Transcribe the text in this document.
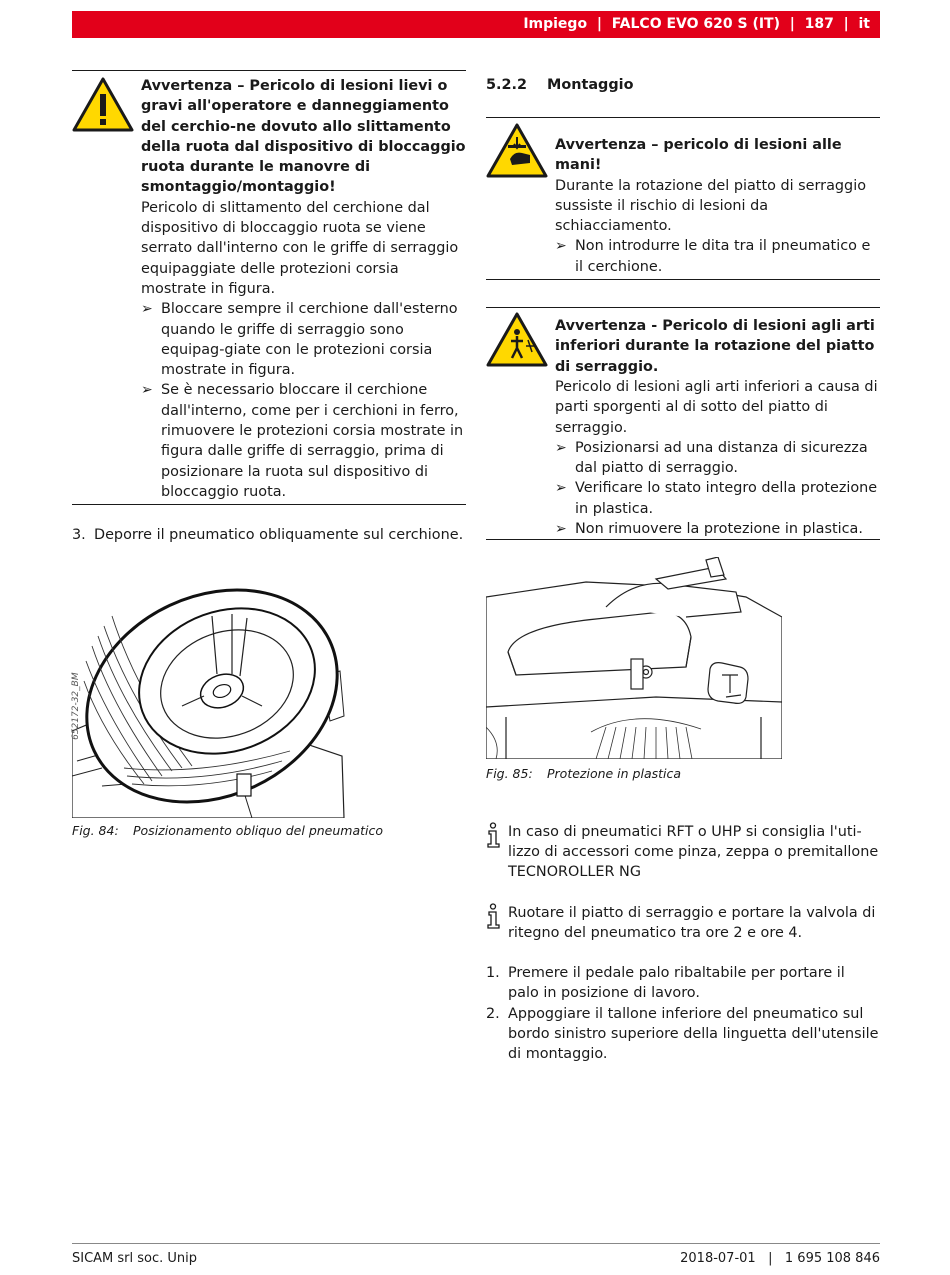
Impiego
|
FALCO EVO 620 S (IT)
|
187
|
it
Avvertenza – Pericolo di lesioni lievi o gravi all'operatore e danneggiamento del cerchio-ne dovuto allo slittamento della ruota dal dispositivo di bloccaggio ruota durante le manovre di smontaggio/montaggio!
Pericolo di slittamento del cerchione dal dispositivo di bloccaggio ruota se viene serrato dall'interno con le griffe di serraggio equipaggiate delle protezioni corsia mostrate in figura.
➢ Bloccare sempre il cerchione dall'esterno quando le griffe di serraggio sono equipag-giate con le protezioni corsia mostrate in figura.
➢ Se è necessario bloccare il cerchione dall'interno, come per i cerchioni in ferro, rimuovere le protezioni corsia mostrate in figura dalle griffe di serraggio, prima di posizionare la ruota sul dispositivo di bloccaggio ruota.
3. Deporre il pneumatico obliquamente sul cerchione.
652172-32_BM
Fig. 84:	Posizionamento obliquo del pneumatico
5.2.2	Montaggio
Avvertenza – pericolo di lesioni alle mani!
Durante la rotazione del piatto di serraggio sussiste il rischio di lesioni da schiacciamento.
➢ Non introdurre le dita tra il pneumatico e il cerchione.
Avvertenza - Pericolo di lesioni agli arti inferiori durante la rotazione del piatto di serraggio.
Pericolo di lesioni agli arti inferiori a causa di parti sporgenti al di sotto del piatto di serraggio.
➢ Posizionarsi ad una distanza di sicurezza dal piatto di serraggio.
➢ Verificare lo stato integro della protezione in plastica.
➢ Non rimuovere la protezione in plastica.
Fig. 85:	Protezione in plastica
In caso di pneumatici RFT o UHP si consiglia l'uti-lizzo di accessori come pinza, zeppa o premitallone TECNOROLLER NG
Ruotare il piatto di serraggio e portare la valvola di ritegno del pneumatico tra ore 2 e ore 4.
1. Premere il pedale palo ribaltabile per portare il palo in posizione di lavoro.
2. Appoggiare il tallone inferiore del pneumatico sul bordo sinistro superiore della linguetta dell'utensile di montaggio.
SICAM srl soc. Unip	2018-07-01 | 1 695 108 846
